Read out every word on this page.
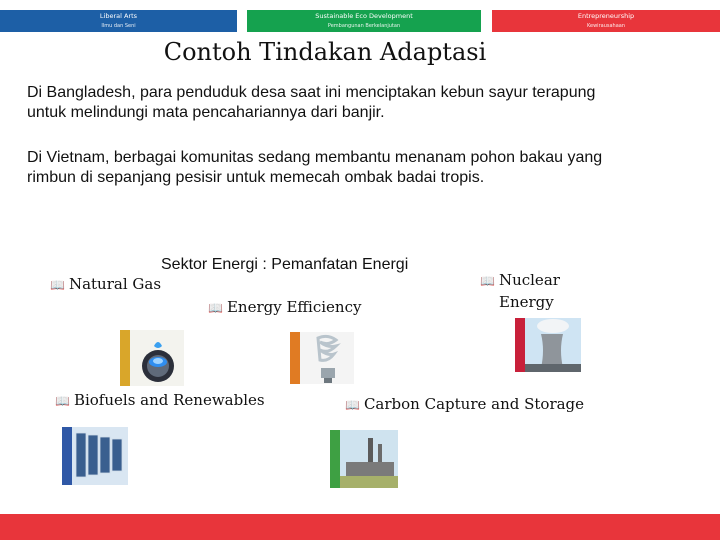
Liberal Arts
Ilmu dan Seni
Sustainable Eco Development
Pembangunan Berkelanjutan
Entrepreneurship
Kewirausahaan
Contoh Tindakan Adaptasi

Di Bangladesh, para penduduk desa saat ini menciptakan kebun sayur terapung untuk melindungi mata pencahariannya dari banjir.

Di Vietnam, berbagai komunitas sedang membantu menanam pohon bakau yang rimbun di sepanjang pesisir untuk memecah ombak badai tropis.

Sektor Energi : Pemanfatan Energi
📖 Natural Gas
📖 Energy Efficiency
📖 Nuclear
Energy
📖 Biofuels and Renewables	📖 Carbon Capture and Storage
